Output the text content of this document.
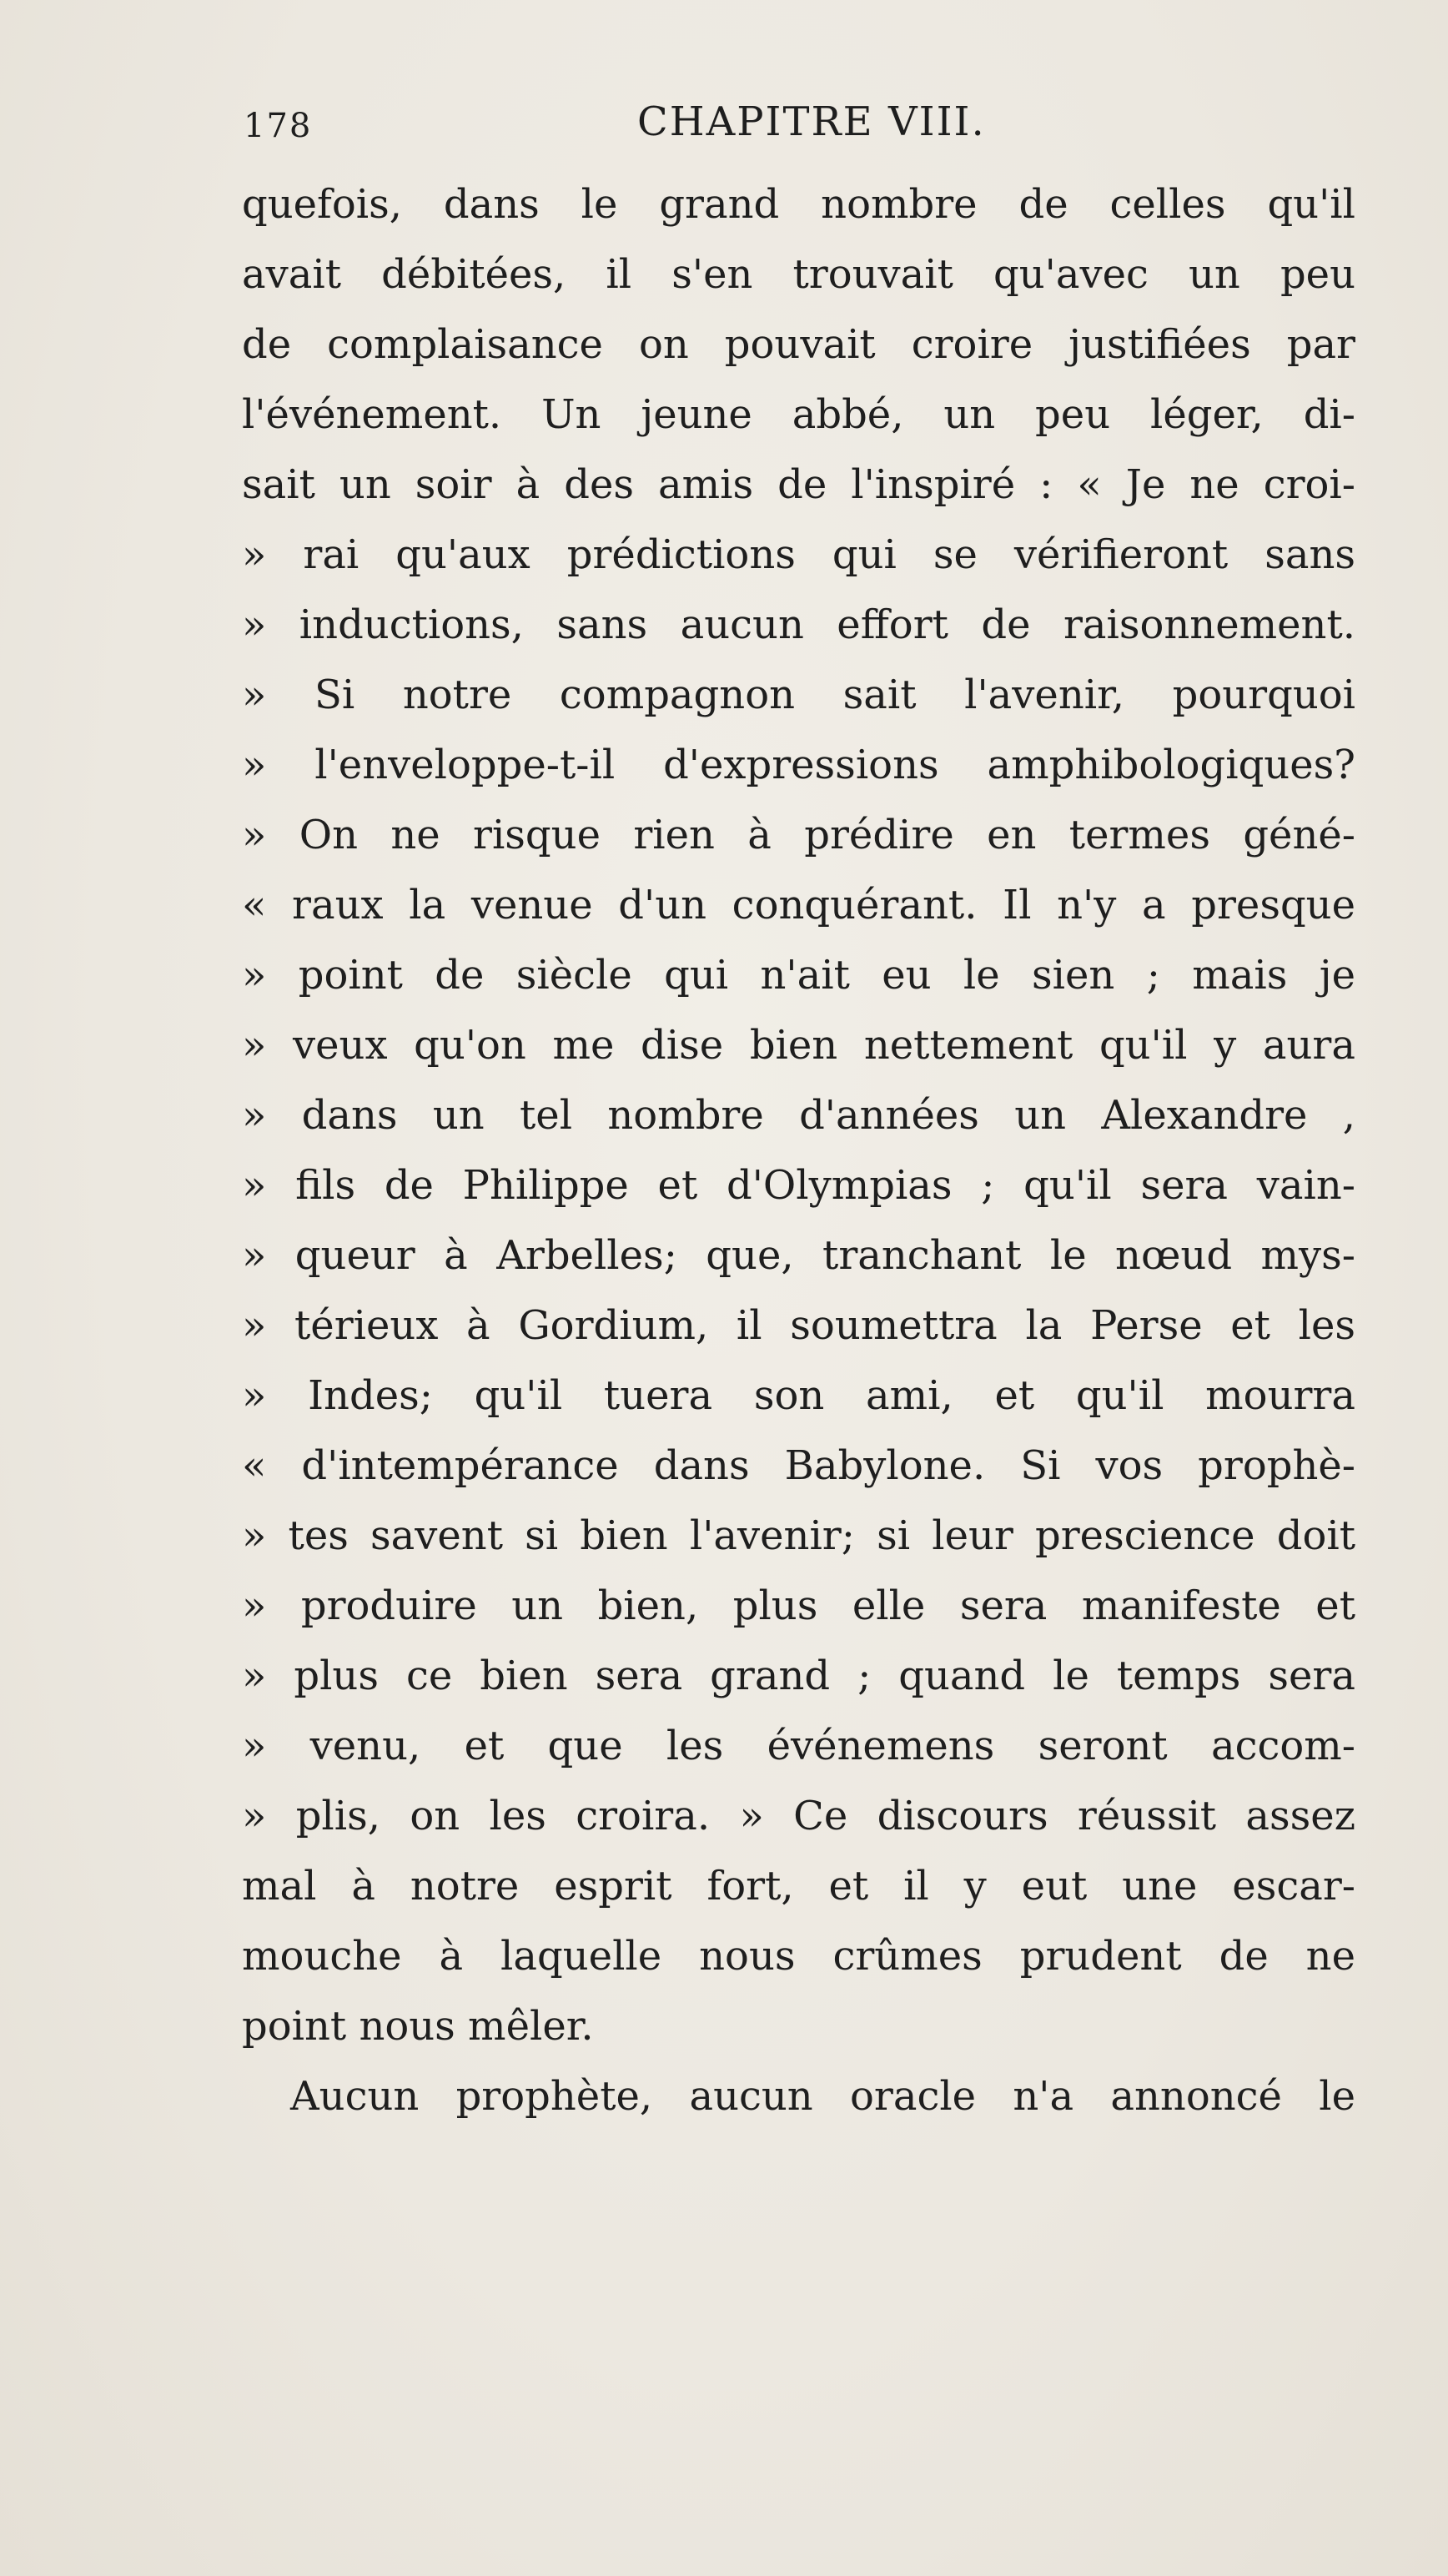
178	CHAPITRE VIII.
quefois, dans le grand nombre de celles qu'il
avait débitées, il s'en trouvait qu'avec un peu
de complaisance on pouvait croire justifiées par
l'événement. Un jeune abbé, un peu léger, di-
sait un soir à des amis de l'inspiré : « Je ne croi-
» rai qu'aux prédictions qui se vérifieront sans
» inductions, sans aucun effort de raisonnement.
» Si notre compagnon sait l'avenir, pourquoi
» l'enveloppe-t-il d'expressions amphibologiques?
» On ne risque rien à prédire en termes géné-
« raux la venue d'un conquérant. Il n'y a presque
» point de siècle qui n'ait eu le sien ; mais je
» veux qu'on me dise bien nettement qu'il y aura
» dans un tel nombre d'années un Alexandre ,
» fils de Philippe et d'Olympias ; qu'il sera vain-
» queur à Arbelles; que, tranchant le nœud mys-
» térieux à Gordium, il soumettra la Perse et les
» Indes; qu'il tuera son ami, et qu'il mourra
« d'intempérance dans Babylone. Si vos prophè-
» tes savent si bien l'avenir; si leur prescience doit
» produire un bien, plus elle sera manifeste et
» plus ce bien sera grand ; quand le temps sera
» venu, et que les événemens seront accom-
» plis, on les croira. » Ce discours réussit assez
mal à notre esprit fort, et il y eut une escar-
mouche à laquelle nous crûmes prudent de ne
point nous mêler.
Aucun prophète, aucun oracle n'a annoncé le
